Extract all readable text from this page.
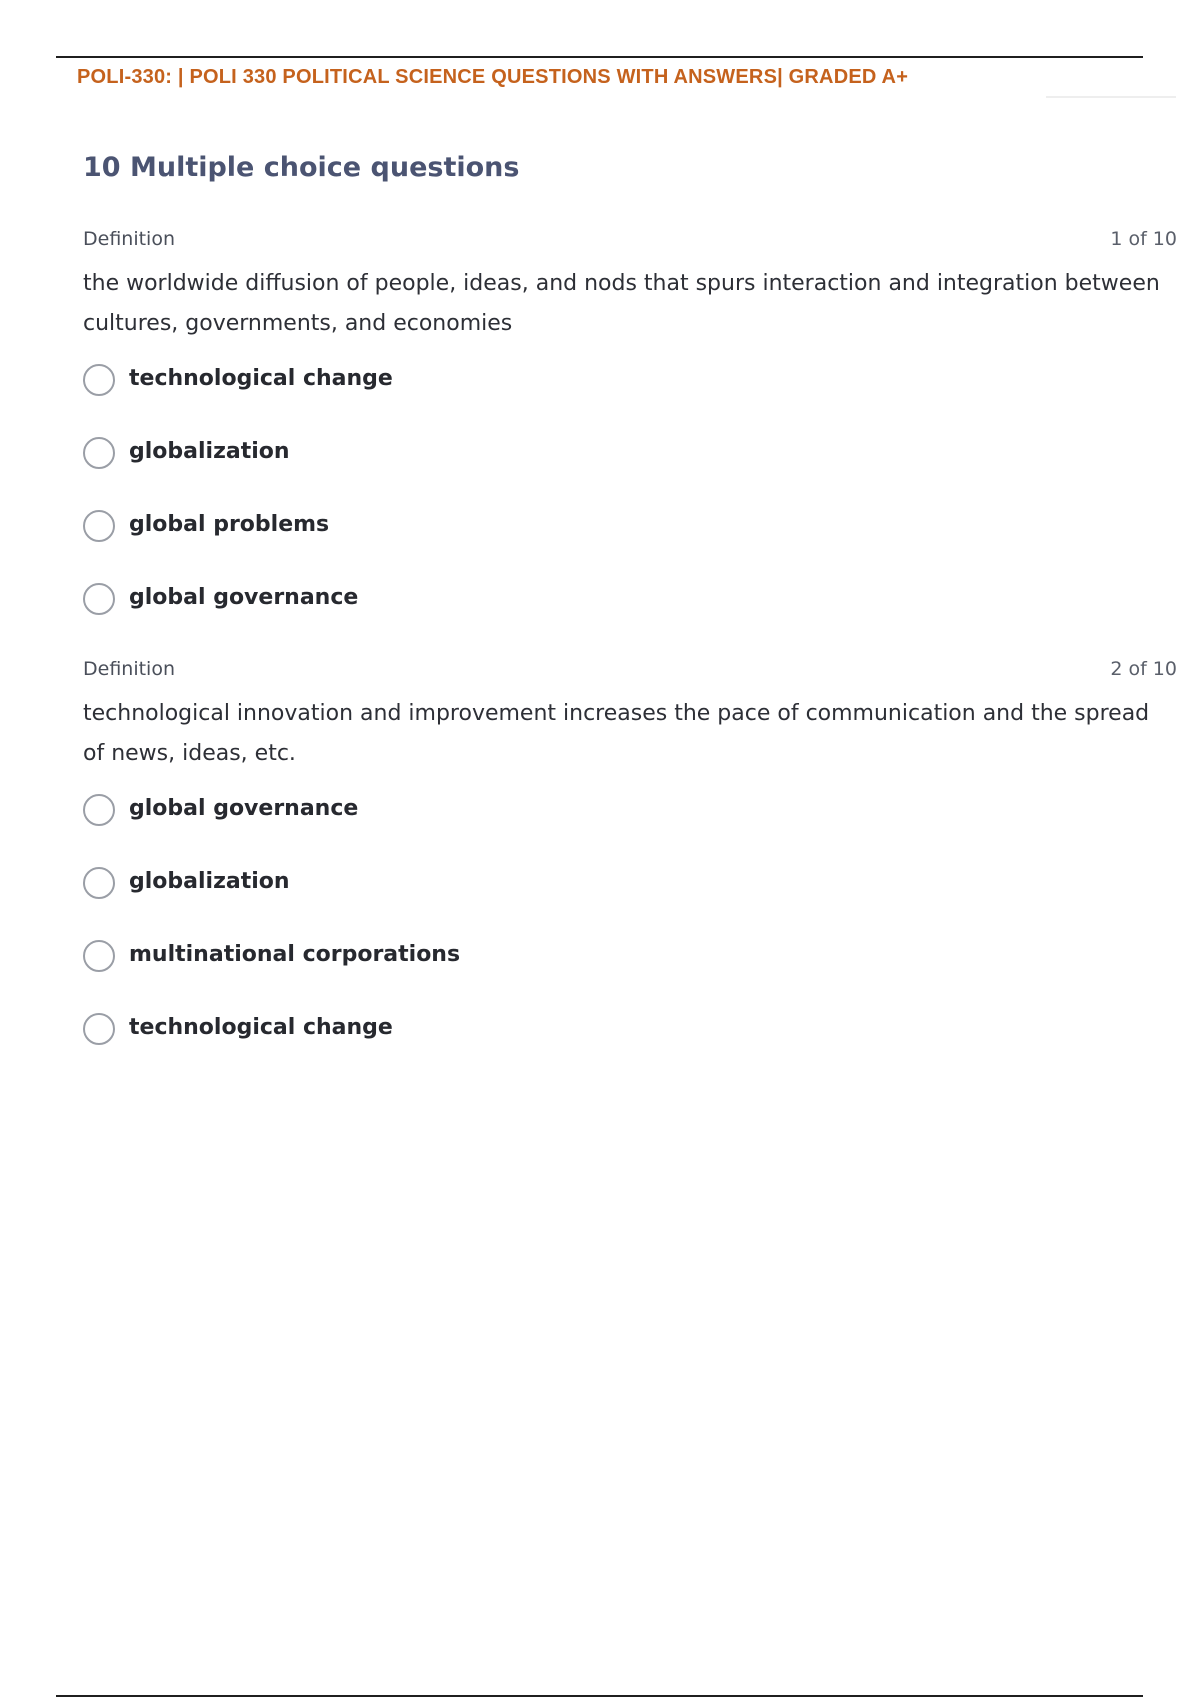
POLI-330: | POLI 330 POLITICAL SCIENCE QUESTIONS WITH ANSWERS| GRADED A+
10 Multiple choice questions
Definition	1 of 10
the worldwide diffusion of people, ideas, and nods that spurs interaction and integration between cultures, governments, and economies
technological change
globalization
global problems
global governance
Definition	2 of 10
technological innovation and improvement increases the pace of communication and the spread of news, ideas, etc.
global governance
globalization
multinational corporations
technological change
